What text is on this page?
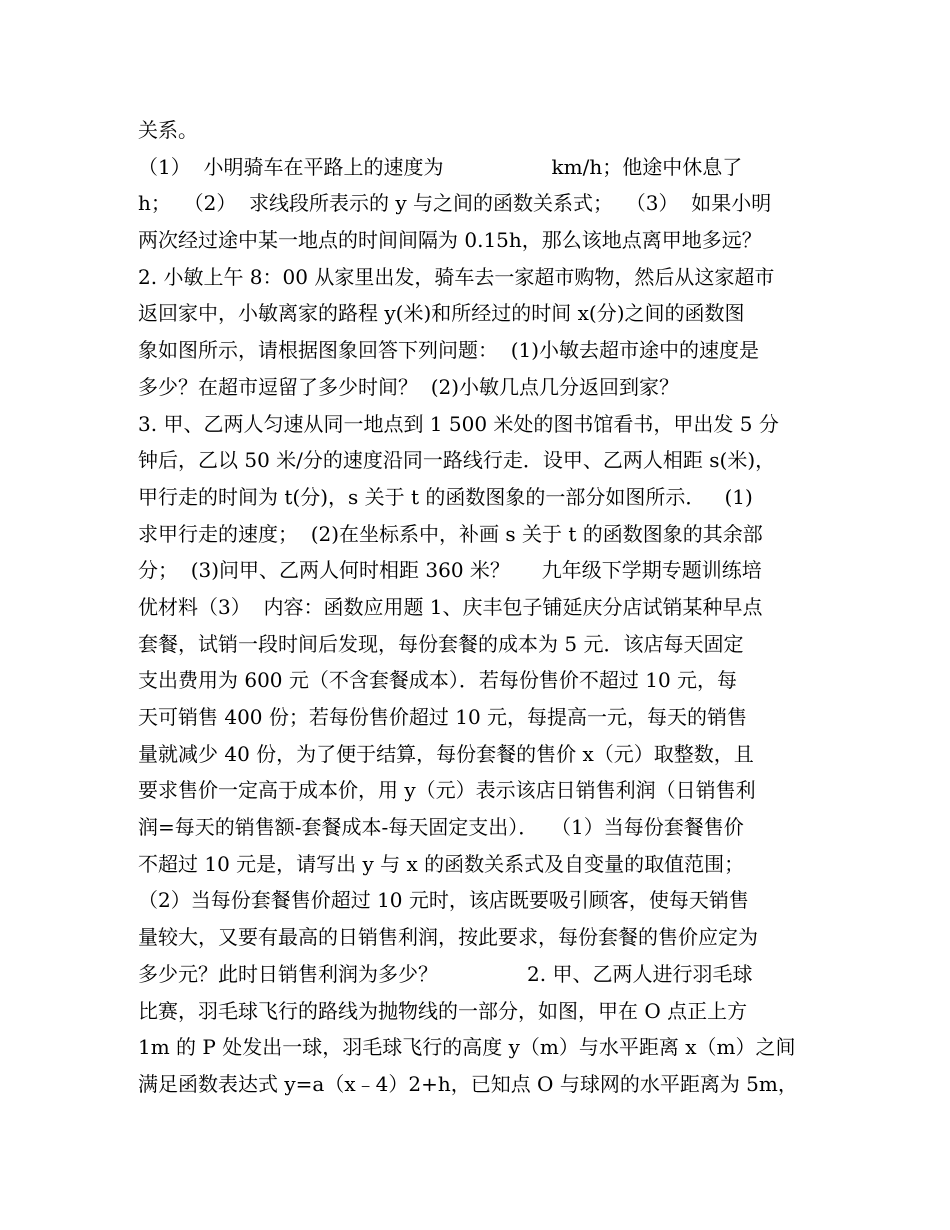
关系。
（1）  小明骑车在平路上的速度为                 km/h；他途中休息了
h；  （2）  求线段所表示的 y 与之间的函数关系式；  （3）  如果小明
两次经过途中某一地点的时间间隔为 0.15h，那么该地点离甲地多远？
2. 小敏上午 8：00 从家里出发，骑车去一家超市购物，然后从这家超市
返回家中，小敏离家的路程 y(米)和所经过的时间 x(分)之间的函数图
象如图所示，请根据图象回答下列问题：  (1)小敏去超市途中的速度是
多少？在超市逗留了多少时间？  (2)小敏几点几分返回到家？
3. 甲、乙两人匀速从同一地点到 1 500 米处的图书馆看书，甲出发 5 分
钟后，乙以 50 米/分的速度沿同一路线行走．设甲、乙两人相距 s(米)，
甲行走的时间为 t(分)，s 关于 t 的函数图象的一部分如图所示．   (1)
求甲行走的速度；  (2)在坐标系中，补画 s 关于 t 的函数图象的其余部
分；  (3)问甲、乙两人何时相距 360 米？     九年级下学期专题训练培
优材料（3）  内容：函数应用题 1、庆丰包子铺延庆分店试销某种早点
套餐，试销一段时间后发现，每份套餐的成本为 5 元．该店每天固定
支出费用为 600 元（不含套餐成本）．若每份售价不超过 10 元，每
天可销售 400 份；若每份售价超过 10 元，每提高一元，每天的销售
量就减少 40 份，为了便于结算，每份套餐的售价 x（元）取整数，且
要求售价一定高于成本价，用 y（元）表示该店日销售利润（日销售利
润=每天的销售额-套餐成本-每天固定支出）．  （1）当每份套餐售价
不超过 10 元是，请写出 y 与 x 的函数关系式及自变量的取值范围；
（2）当每份套餐售价超过 10 元时，该店既要吸引顾客，使每天销售
量较大，又要有最高的日销售利润，按此要求，每份套餐的售价应定为
多少元？此时日销售利润为多少？              2. 甲、乙两人进行羽毛球
比赛，羽毛球飞行的路线为抛物线的一部分，如图，甲在 O 点正上方
1m 的 P 处发出一球，羽毛球飞行的高度 y（m）与水平距离 x（m）之间
满足函数表达式 y=a（x﹣4）2+h，已知点 O 与球网的水平距离为 5m，
